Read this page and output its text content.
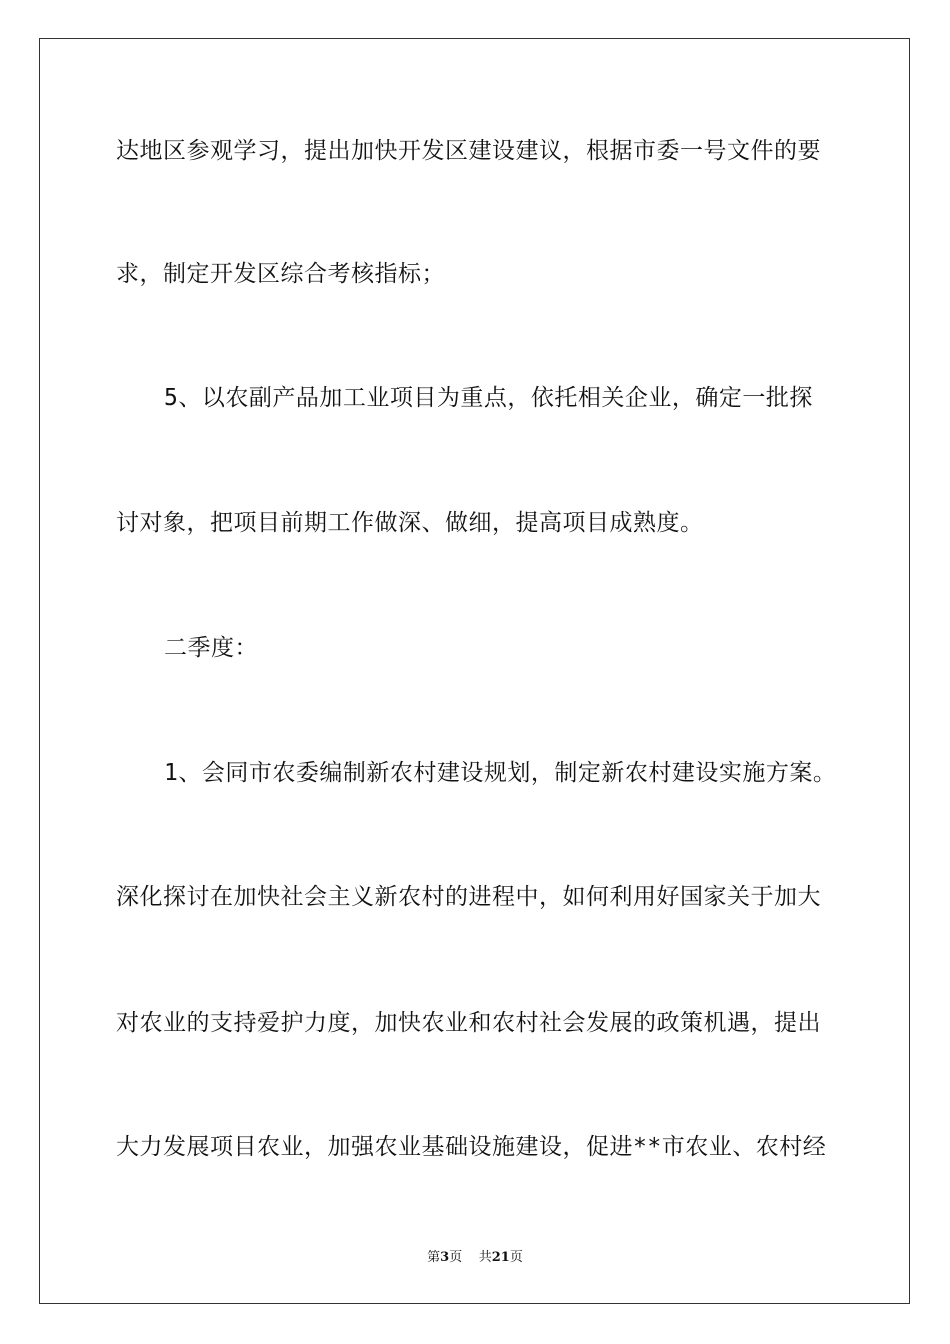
达地区参观学习，提出加快开发区建设建议，根据市委一号文件的要
求，制定开发区综合考核指标；
5、以农副产品加工业项目为重点，依托相关企业，确定一批探
讨对象，把项目前期工作做深、做细，提高项目成熟度。
二季度：
1、会同市农委编制新农村建设规划，制定新农村建设实施方案。
深化探讨在加快社会主义新农村的进程中，如何利用好国家关于加大
对农业的支持爱护力度，加快农业和农村社会发展的政策机遇，提出
大力发展项目农业，加强农业基础设施建设，促进**市农业、农村经
第3页 共21页
